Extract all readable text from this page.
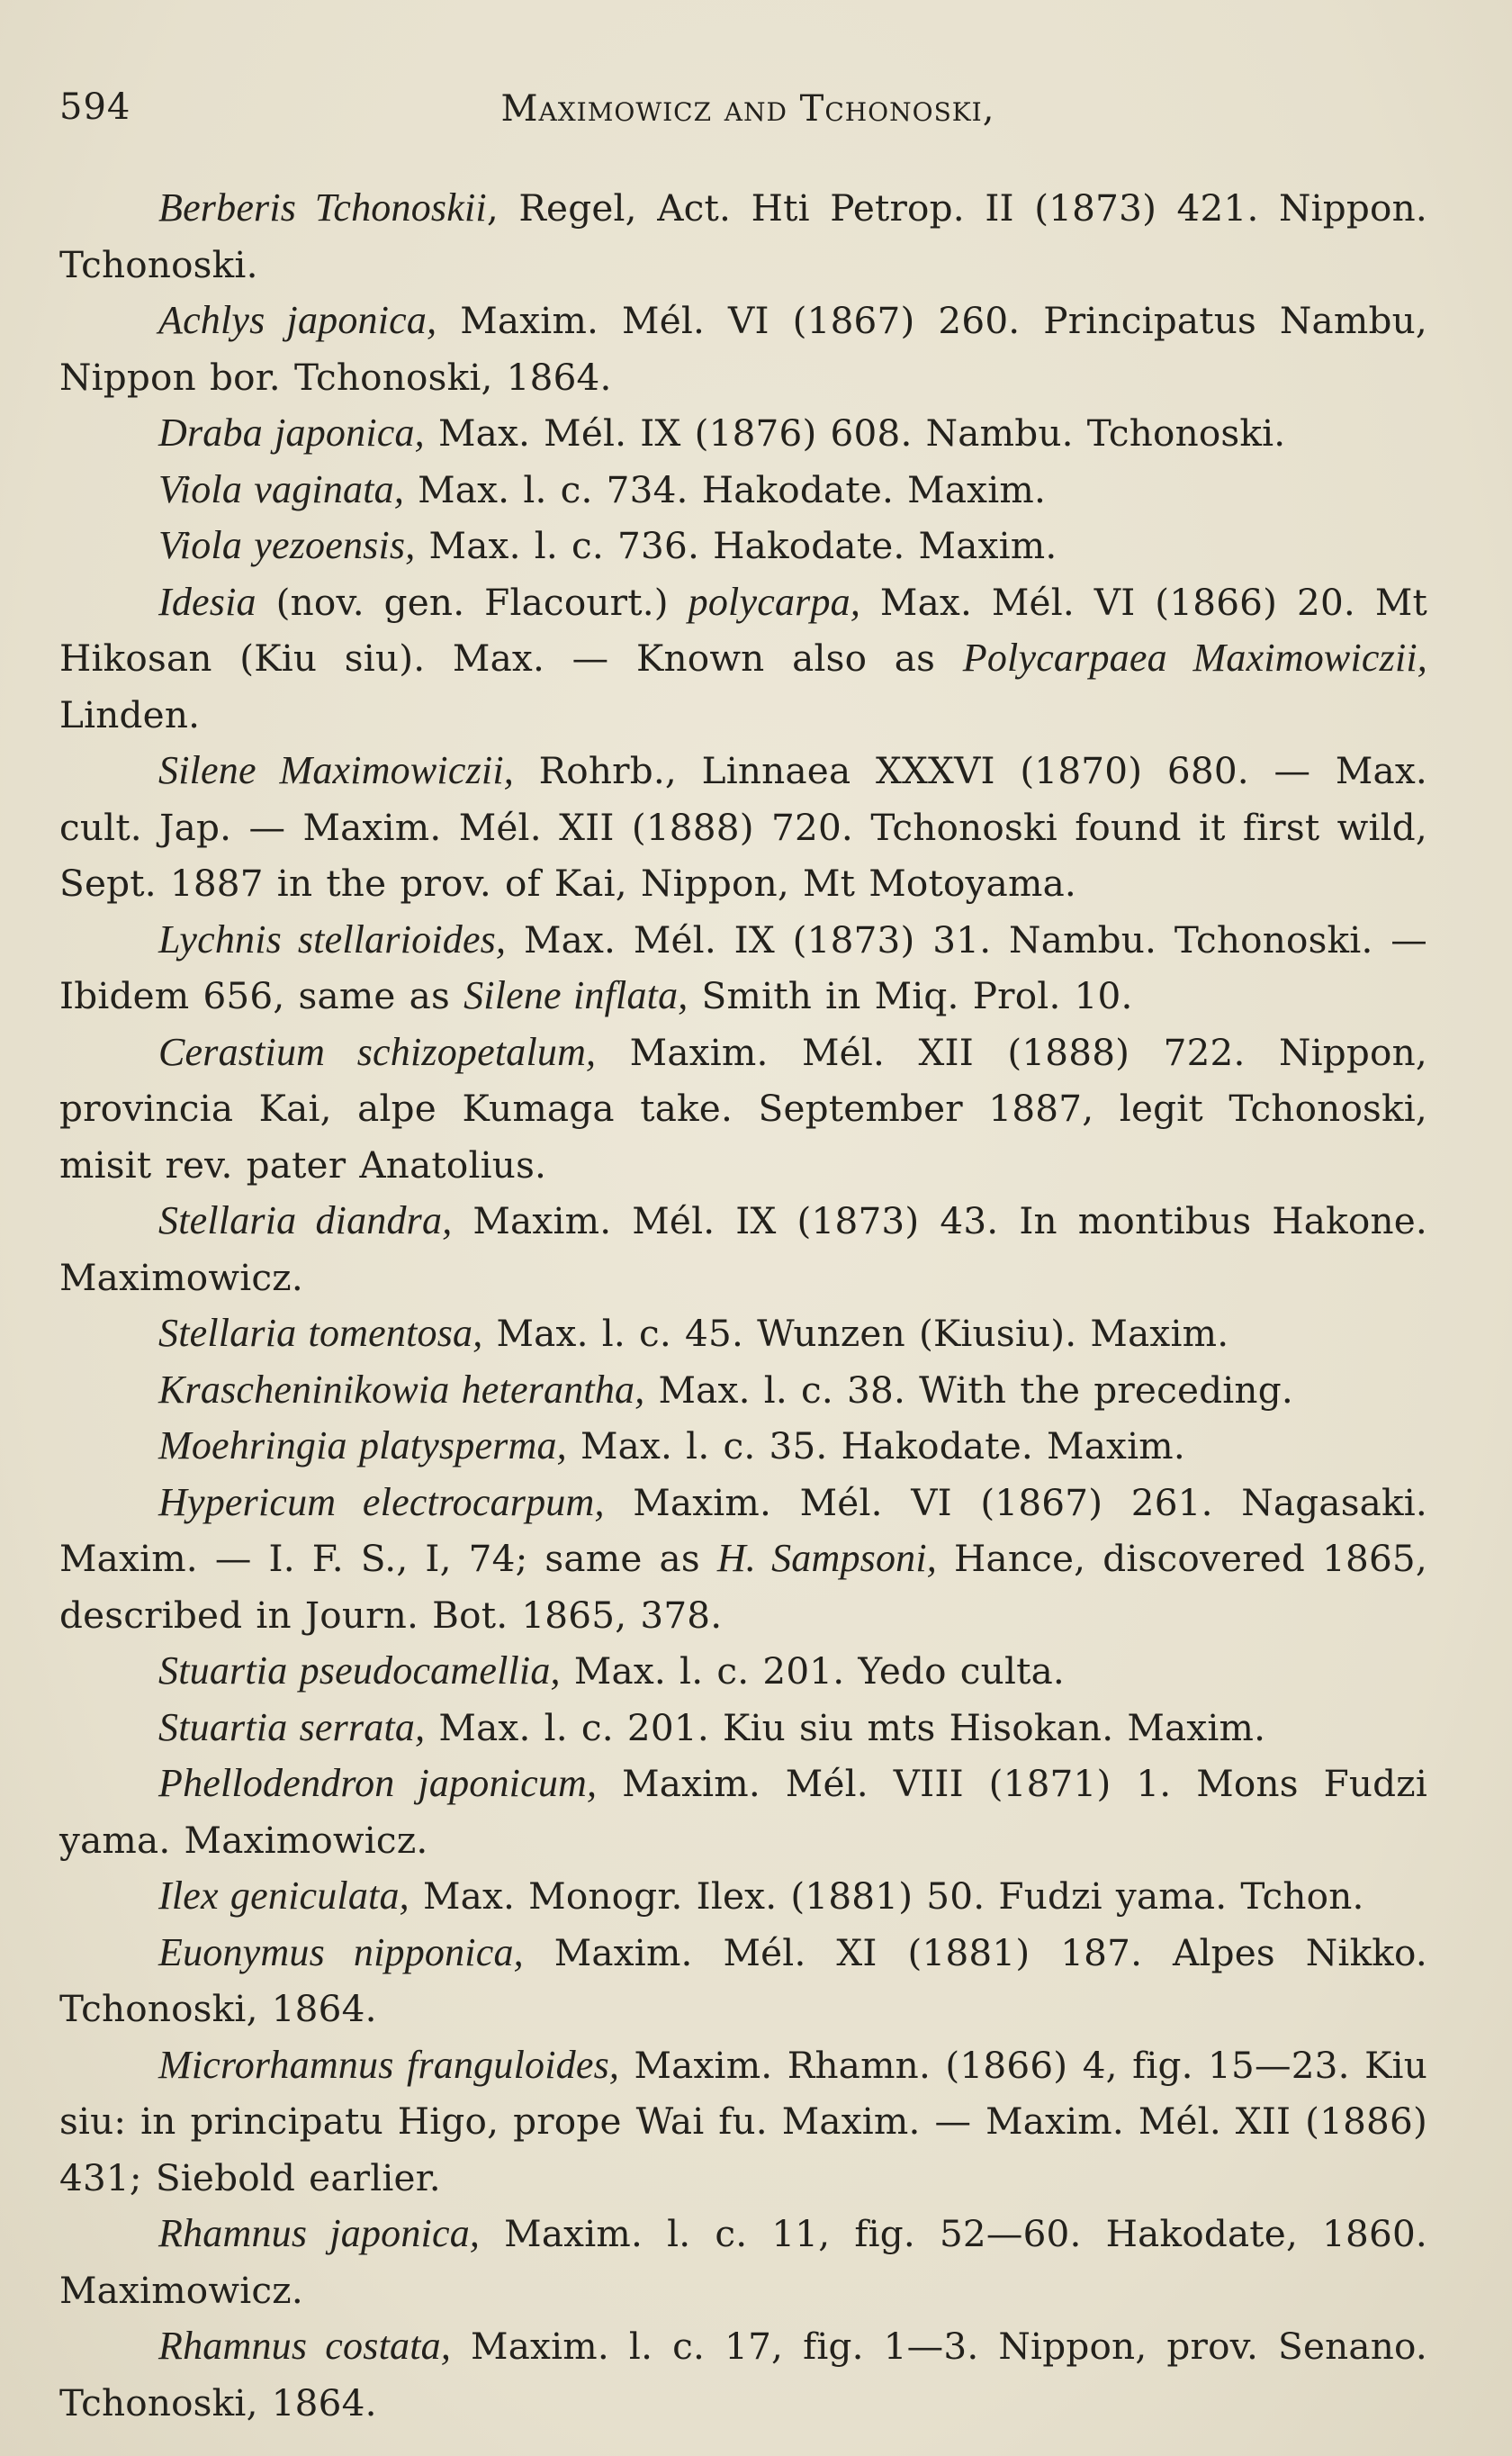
594	Maximowicz and Tchonoski,

Berberis Tchonoskii, Regel, Act. Hti Petrop. II (1873) 421. Nippon. Tchonoski.

Achlys japonica, Maxim. Mél. VI (1867) 260. Principatus Nambu, Nippon bor. Tchonoski, 1864.

Draba japonica, Max. Mél. IX (1876) 608. Nambu. Tchonoski.

Viola vaginata, Max. l. c. 734. Hakodate. Maxim.

Viola yezoensis, Max. l. c. 736. Hakodate. Maxim.

Idesia (nov. gen. Flacourt.) polycarpa, Max. Mél. VI (1866) 20. Mt Hikosan (Kiu siu). Max. — Known also as Polycarpaea Maximowiczii, Linden.

Silene Maximowiczii, Rohrb., Linnaea XXXVI (1870) 680. — Max. cult. Jap. — Maxim. Mél. XII (1888) 720. Tchonoski found it first wild, Sept. 1887 in the prov. of Kai, Nippon, Mt Motoyama.

Lychnis stellarioides, Max. Mél. IX (1873) 31. Nambu. Tchonoski. — Ibidem 656, same as Silene inflata, Smith in Miq. Prol. 10.

Cerastium schizopetalum, Maxim. Mél. XII (1888) 722. Nippon, provincia Kai, alpe Kumaga take. September 1887, legit Tchonoski, misit rev. pater Anatolius.

Stellaria diandra, Maxim. Mél. IX (1873) 43. In montibus Hakone. Maximowicz.

Stellaria tomentosa, Max. l. c. 45. Wunzen (Kiusiu). Maxim.

Krascheninikowia heterantha, Max. l. c. 38. With the preceding.

Moehringia platysperma, Max. l. c. 35. Hakodate. Maxim.

Hypericum electrocarpum, Maxim. Mél. VI (1867) 261. Nagasaki. Maxim. — I. F. S., I, 74; same as H. Sampsoni, Hance, discovered 1865, described in Journ. Bot. 1865, 378.

Stuartia pseudocamellia, Max. l. c. 201. Yedo culta.

Stuartia serrata, Max. l. c. 201. Kiu siu mts Hisokan. Maxim.

Phellodendron japonicum, Maxim. Mél. VIII (1871) 1. Mons Fudzi yama. Maximowicz.

Ilex geniculata, Max. Monogr. Ilex. (1881) 50. Fudzi yama. Tchon.

Euonymus nipponica, Maxim. Mél. XI (1881) 187. Alpes Nikko. Tchonoski, 1864.

Microrhamnus franguloides, Maxim. Rhamn. (1866) 4, fig. 15—23. Kiu siu: in principatu Higo, prope Wai fu. Maxim. — Maxim. Mél. XII (1886) 431; Siebold earlier.

Rhamnus japonica, Maxim. l. c. 11, fig. 52—60. Hakodate, 1860. Maximowicz.

Rhamnus costata, Maxim. l. c. 17, fig. 1—3. Nippon, prov. Senano. Tchonoski, 1864.
